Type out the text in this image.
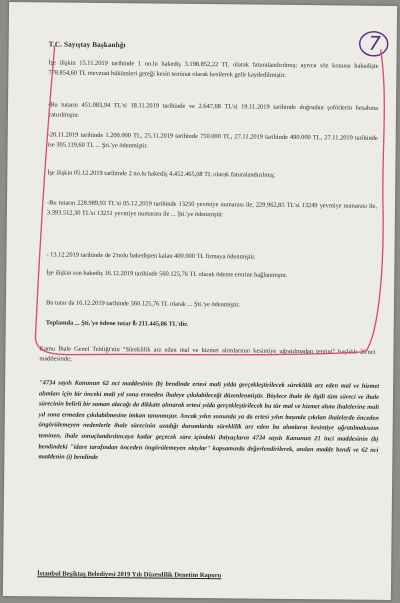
T.C. Sayıştay Başkanlığı	7
İşe ilişkin 15.11.2019 tarihinde 1 no.lu hakediş 3.198.852,22 TL olarak faturalandırılmış; ayrıca söz konusu hakedişte 778.854,60 TL mevzuat hükümleri gereği kesin teminat olarak kesilerek gelir kaydedilmiştir.
-Bu tutarın 451.083,94 TL'si 18.11.2019 tarihinde ve 2.647,68 TL'si 19.11.2019 tarihinde doğrudan şoförlerin hesabına yatırılmıştır.
-20.11.2019 tarihinde 1.200.000 TL, 25.11.2019 tarihinde 750.000 TL, 27.11.2019 tarihinde 490.000 TL, 27.11.2019 tarihinde ise 305.119,60 TL ... Şti.'ye ödenmiştir.
İşe ilişkin 05.12.2019 tarihinde 2 no.lu hakediş 4.452.465,08 TL olarak faturalandırılmış;
-Bu tutarın 228.989,93 TL'si 05.12.2019 tarihinde 13250 yevmiye numarası ile, 229.962,85 TL'si 13249 yevmiye numarası ile, 3.393.512,30 TL'si 13251 yevmiye numarası ile ... Şti.'ye ödenmiştir.
- 13.12.2019 tarihinde de 2'nolu hakedişten kalan 400.000 TL firmaya ödenmiştir.
İşe ilişkin son hakediş 16.12.2019 tarihinde 560.125,76 TL olarak ödeme emrine bağlanmıştır.
Bu tutar da 16.12.2019 tarihinde 560.125,76 TL olarak ... Şti.'ye ödenmiştir.
Toplamda ... Şti.'ye ödene tutar ₺ 211.445,06 TL'dir.
Kamu İhale Genel Tebliği'nin "Süreklilik arz eden mal ve hizmet alımlarının kesintiye uğratılmadan temini" başlıklı 20'nci maddesinde;
"4734 sayılı Kanunun 62 nci maddesinin (b) bendinde ertesi mali yılda gerçekleştirilecek süreklilik arz eden mal ve hizmet alımları için bir önceki mali yıl sona ermeden ihaleye çıkılabileceği düzenlenmiştir. Böylece ihale ile ilgili tüm süreci ve ihale sürecinin belirli bir zaman alacağı da dikkate alınarak ertesi yılda gerçekleştirilecek bu tür mal ve hizmet alımı ihalelerine mali yıl sona ermeden çıkılabilmesine imkan tanınmıştır. Ancak yılın sonunda ya da ertesi yılın başında çıkılan ihalelerde önceden öngörülemeyen nedenlerle ihale sürecinin uzadığı durumlarda süreklilik arz eden bu alımların kesintiye uğratılmaksızın teminen, ihale sonuçlandırılıncaya kadar geçecek süre içindeki ihtiyaçların 4734 sayılı Kanunun 21 inci maddesinin (b) bendindeki "idare tarafından önceden öngörülemeyen olaylar" kapsamında değerlendirilerek, anılan madde bendi ve 62 nci maddenin (i) bendinde
İstanbul Beşiktaş Belediyesi 2019 Yılı Düzenlilik Denetim Raporu
